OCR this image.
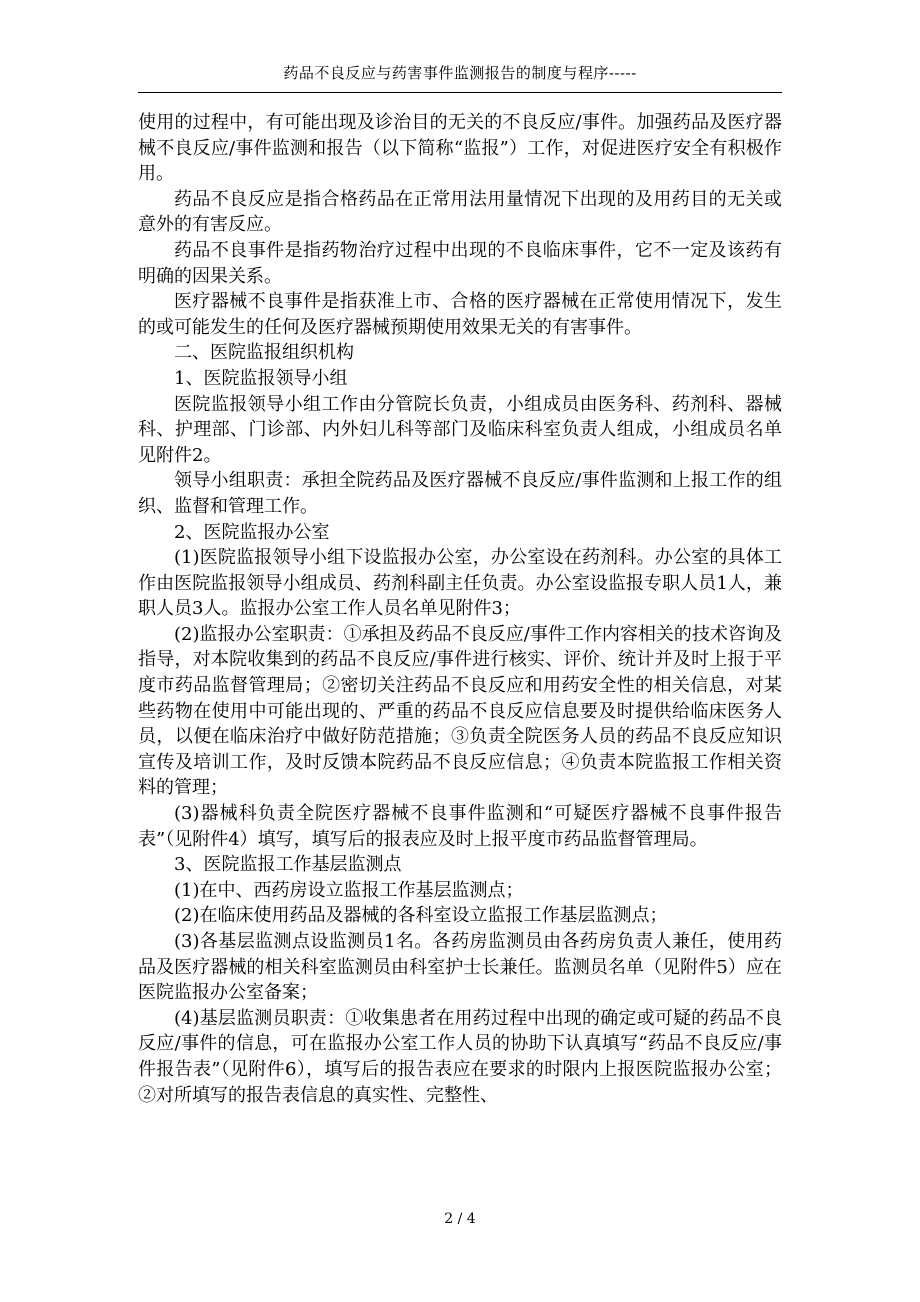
药品不良反应与药害事件监测报告的制度与程序-----

使用的过程中，有可能出现及诊治目的无关的不良反应/事件。加强药品及医疗器械不良反应/事件监测和报告（以下简称“监报”）工作，对促进医疗安全有积极作用。

药品不良反应是指合格药品在正常用法用量情况下出现的及用药目的无关或意外的有害反应。

药品不良事件是指药物治疗过程中出现的不良临床事件，它不一定及该药有明确的因果关系。

医疗器械不良事件是指获准上市、合格的医疗器械在正常使用情况下，发生的或可能发生的任何及医疗器械预期使用效果无关的有害事件。

二、医院监报组织机构

1、医院监报领导小组

医院监报领导小组工作由分管院长负责，小组成员由医务科、药剂科、器械科、护理部、门诊部、内外妇儿科等部门及临床科室负责人组成，小组成员名单见附件2。

领导小组职责：承担全院药品及医疗器械不良反应/事件监测和上报工作的组织、监督和管理工作。

2、医院监报办公室

(1)医院监报领导小组下设监报办公室，办公室设在药剂科。办公室的具体工作由医院监报领导小组成员、药剂科副主任负责。办公室设监报专职人员1人，兼职人员3人。监报办公室工作人员名单见附件3；

(2)监报办公室职责：①承担及药品不良反应/事件工作内容相关的技术咨询及指导，对本院收集到的药品不良反应/事件进行核实、评价、统计并及时上报于平度市药品监督管理局；②密切关注药品不良反应和用药安全性的相关信息，对某些药物在使用中可能出现的、严重的药品不良反应信息要及时提供给临床医务人员，以便在临床治疗中做好防范措施；③负责全院医务人员的药品不良反应知识宣传及培训工作，及时反馈本院药品不良反应信息；④负责本院监报工作相关资料的管理；

(3)器械科负责全院医疗器械不良事件监测和“可疑医疗器械不良事件报告表”（见附件4）填写，填写后的报表应及时上报平度市药品监督管理局。

3、医院监报工作基层监测点

(1)在中、西药房设立监报工作基层监测点；

(2)在临床使用药品及器械的各科室设立监报工作基层监测点；

(3)各基层监测点设监测员1名。各药房监测员由各药房负责人兼任，使用药品及医疗器械的相关科室监测员由科室护士长兼任。监测员名单（见附件5）应在医院监报办公室备案；

(4)基层监测员职责：①收集患者在用药过程中出现的确定或可疑的药品不良反应/事件的信息，可在监报办公室工作人员的协助下认真填写“药品不良反应/事件报告表”（见附件6），填写后的报告表应在要求的时限内上报医院监报办公室；②对所填写的报告表信息的真实性、完整性、

2 / 4
